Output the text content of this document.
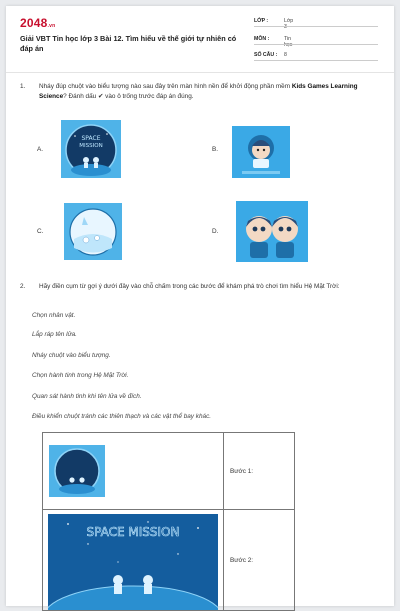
2048.vn
Giải VBT Tin học lớp 3 Bài 12. Tìm hiểu về thế giới tự nhiên có đáp án
LỚP :	Lớp 3
MÔN :	Tin học
SỐ CÂU :	8
1. Nháy đúp chuột vào biểu tượng nào sau đây trên màn hình nền để khởi động phần mềm Kids Games Learning Science? Đánh dấu ✔ vào ô trống trước đáp án đúng.
A.
SPACE
MISSION	B.
C.	D.
2. Hãy điền cụm từ gợi ý dưới đây vào chỗ chấm trong các bước để khám phá trò chơi tìm hiểu Hệ Mặt Trời:
Chọn nhân vật.
Lắp ráp tên lửa.
Nháy chuột vào biểu tượng.
Chọn hành tinh trong Hệ Mặt Trời.
Quan sát hành tinh khi tên lửa về đích.
Điều khiển chuột tránh các thiên thạch và các vật thể bay khác.
	Bước 1:

SPACE MISSION	Bước 2:
